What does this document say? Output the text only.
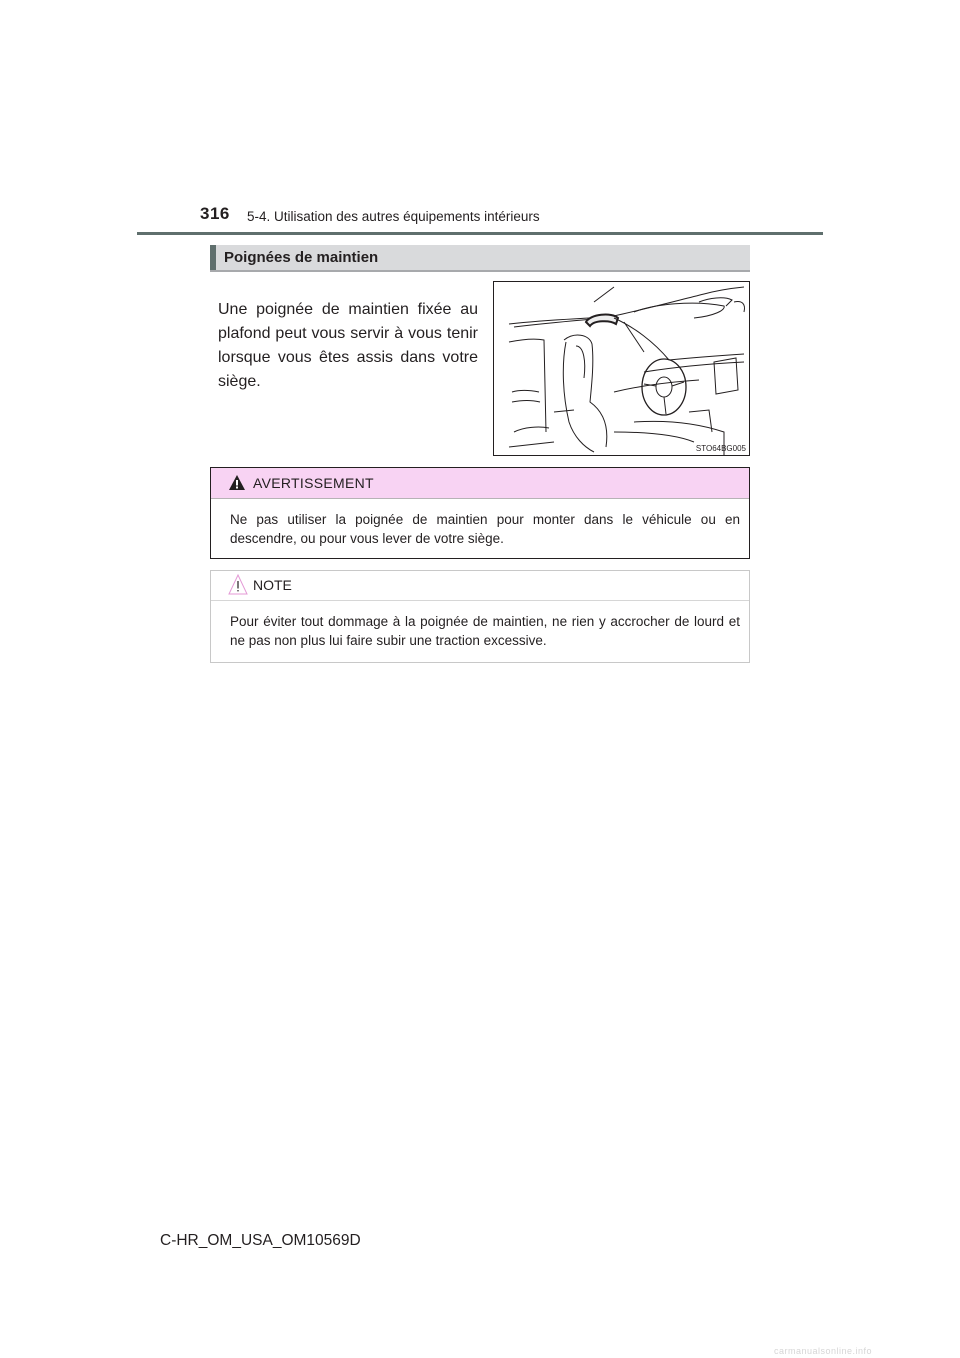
316 5-4. Utilisation des autres équipements intérieurs
Poignées de maintien
Une poignée de maintien fixée au plafond peut vous servir à vous tenir lorsque vous êtes assis dans votre siège.
STO64BG005
AVERTISSEMENT
Ne pas utiliser la poignée de maintien pour monter dans le véhicule ou en descendre, ou pour vous lever de votre siège.
NOTE
Pour éviter tout dommage à la poignée de maintien, ne rien y accrocher de lourd et ne pas non plus lui faire subir une traction excessive.
C-HR_OM_USA_OM10569D
carmanualsonline.info
